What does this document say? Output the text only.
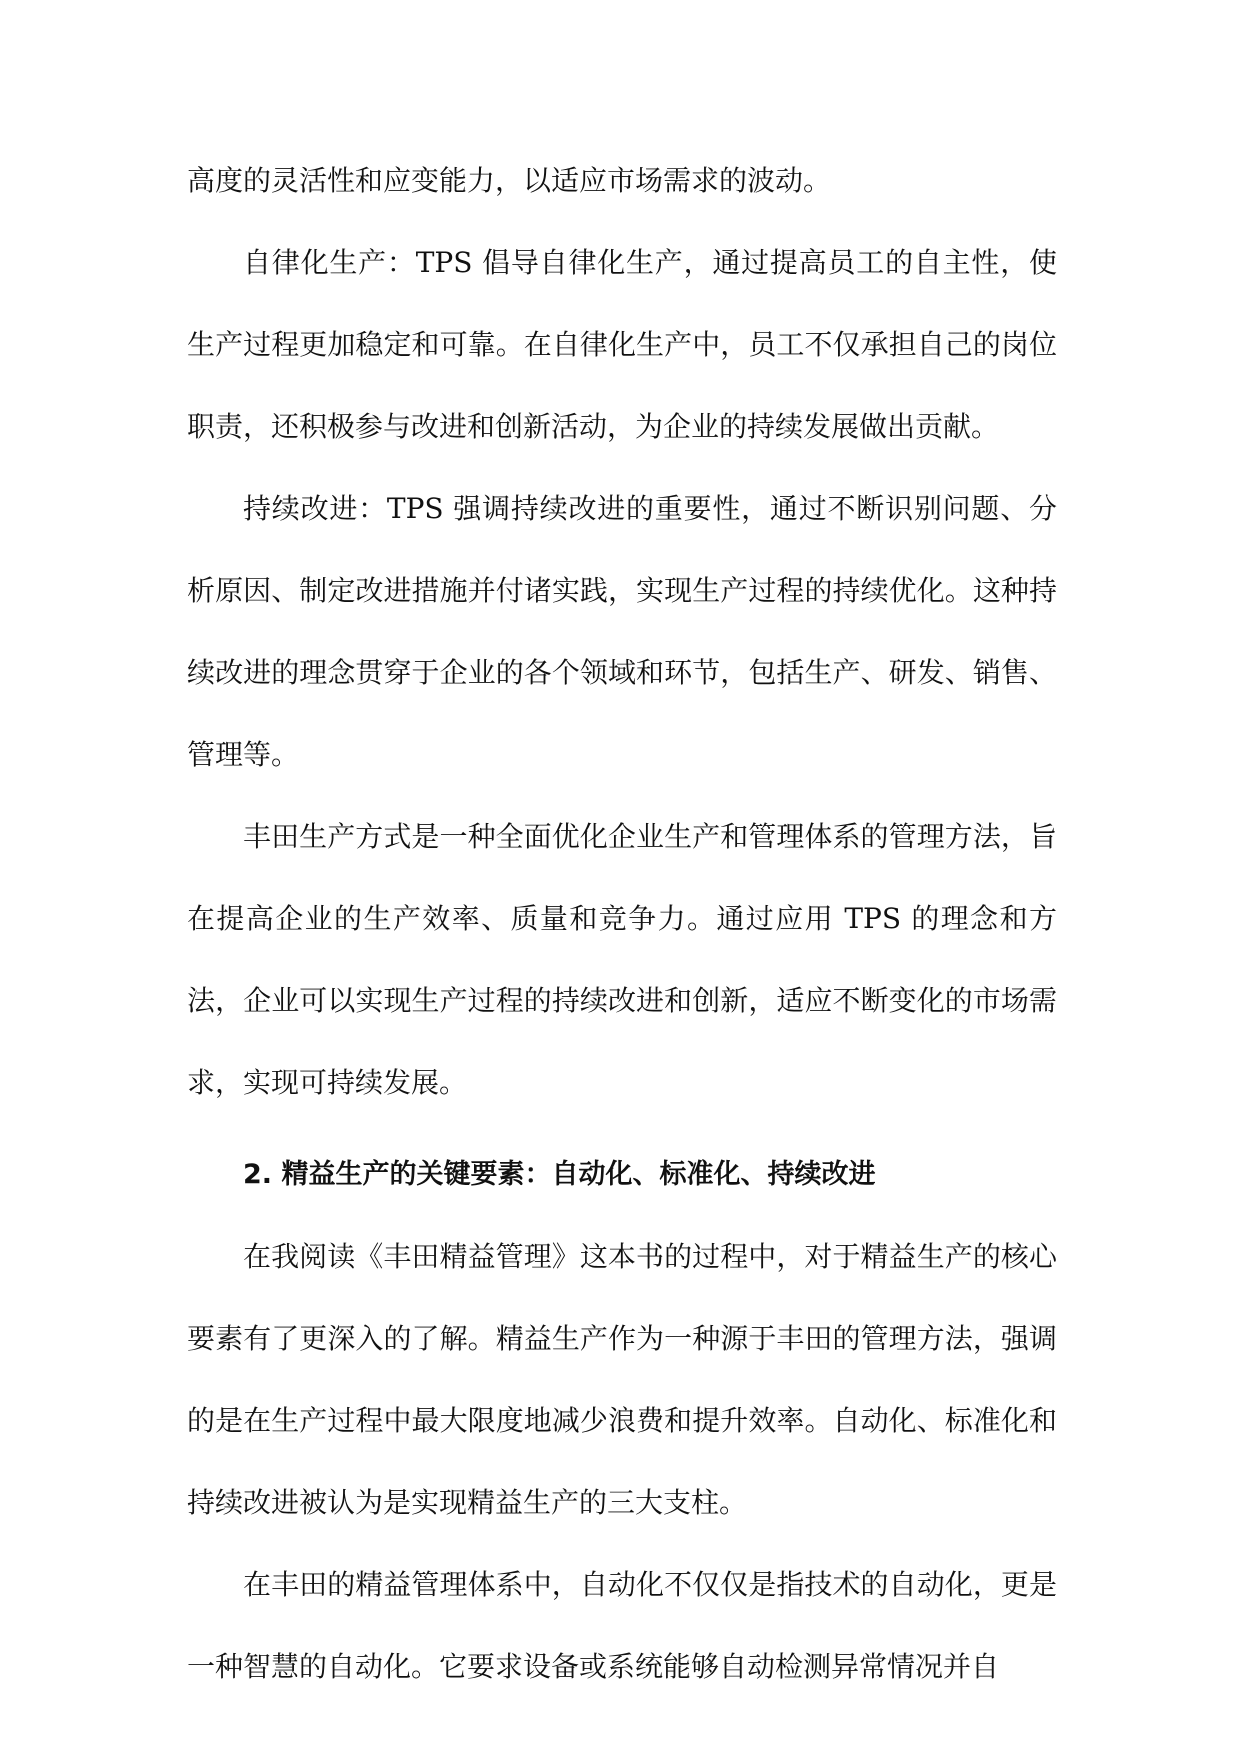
高度的灵活性和应变能力，以适应市场需求的波动。

自律化生产：TPS 倡导自律化生产，通过提高员工的自主性，使生产过程更加稳定和可靠。在自律化生产中，员工不仅承担自己的岗位职责，还积极参与改进和创新活动，为企业的持续发展做出贡献。

持续改进：TPS 强调持续改进的重要性，通过不断识别问题、分析原因、制定改进措施并付诸实践，实现生产过程的持续优化。这种持续改进的理念贯穿于企业的各个领域和环节，包括生产、研发、销售、管理等。

丰田生产方式是一种全面优化企业生产和管理体系的管理方法，旨在提高企业的生产效率、质量和竞争力。通过应用 TPS 的理念和方法，企业可以实现生产过程的持续改进和创新，适应不断变化的市场需求，实现可持续发展。

2. 精益生产的关键要素：自动化、标准化、持续改进

在我阅读《丰田精益管理》这本书的过程中，对于精益生产的核心要素有了更深入的了解。精益生产作为一种源于丰田的管理方法，强调的是在生产过程中最大限度地减少浪费和提升效率。自动化、标准化和持续改进被认为是实现精益生产的三大支柱。

在丰田的精益管理体系中，自动化不仅仅是指技术的自动化，更是一种智慧的自动化。它要求设备或系统能够自动检测异常情况并自
